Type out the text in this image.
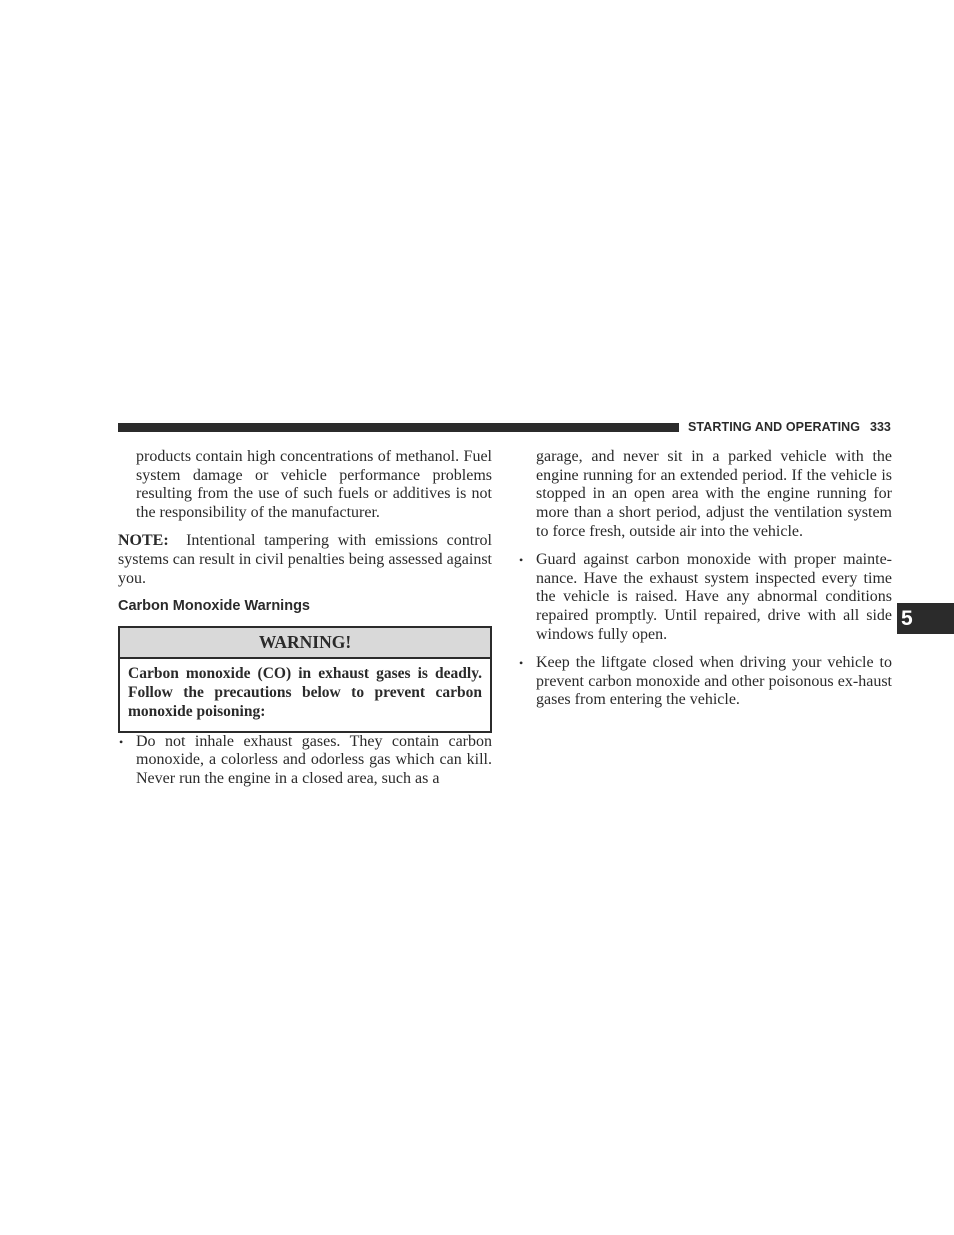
STARTING AND OPERATING 333
5

products contain high concentrations of methanol. Fuel system damage or vehicle performance problems resulting from the use of such fuels or additives is not the responsibility of the manufacturer.

NOTE: Intentional tampering with emissions control systems can result in civil penalties being assessed against you.

Carbon Monoxide Warnings
WARNING!
Carbon monoxide (CO) in exhaust gases is deadly. Follow the precautions below to prevent carbon monoxide poisoning:
• Do not inhale exhaust gases. They contain carbon monoxide, a colorless and odorless gas which can kill. Never run the engine in a closed area, such as a
garage, and never sit in a parked vehicle with the engine running for an extended period. If the vehicle is stopped in an open area with the engine running for more than a short period, adjust the ventilation system to force fresh, outside air into the vehicle.
• Guard against carbon monoxide with proper mainte-nance. Have the exhaust system inspected every time the vehicle is raised. Have any abnormal conditions repaired promptly. Until repaired, drive with all side windows fully open.
• Keep the liftgate closed when driving your vehicle to prevent carbon monoxide and other poisonous ex-haust gases from entering the vehicle.
